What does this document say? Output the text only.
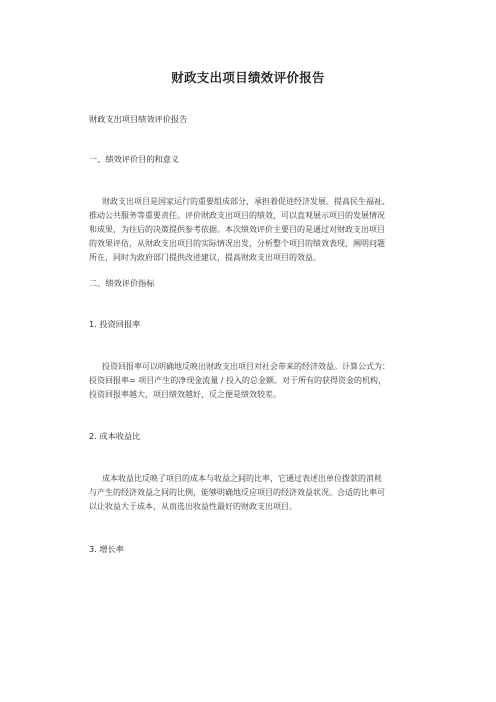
财政支出项目绩效评价报告
财政支出项目绩效评价报告
一、绩效评价目的和意义
财政支出项目是国家运行的重要组成部分，承担着促进经济发展、提高民生福祉、
推动公共服务等重要责任。评价财政支出项目的绩效，可以直观展示项目的发展情况
和成果，为往后的决策提供参考依据。本次绩效评价主要目的是通过对财政支出项目
的效果评估，从财政支出项目的实际情况出发，分析整个项目的绩效表现，阐明问题
所在，同时为政府部门提供改进建议，提高财政支出项目的效益。
二、绩效评价指标
1. 投资回报率
投资回报率可以明确地反映出财政支出项目对社会带来的经济效益。计算公式为：
投资回报率= 项目产生的净现金流量 / 投入的总金额。对于所有的获得资金的机构，
投资回报率越大，项目绩效越好，反之便是绩效较差。
2. 成本收益比
成本收益比反映了项目的成本与收益之间的比率，它通过表述出单位拨款的消耗
与产生的经济效益之间的比例，能够明确地反应项目的经济效益状况。合适的比率可
以让收益大于成本，从而选出收益性最好的财政支出项目。
3. 增长率
